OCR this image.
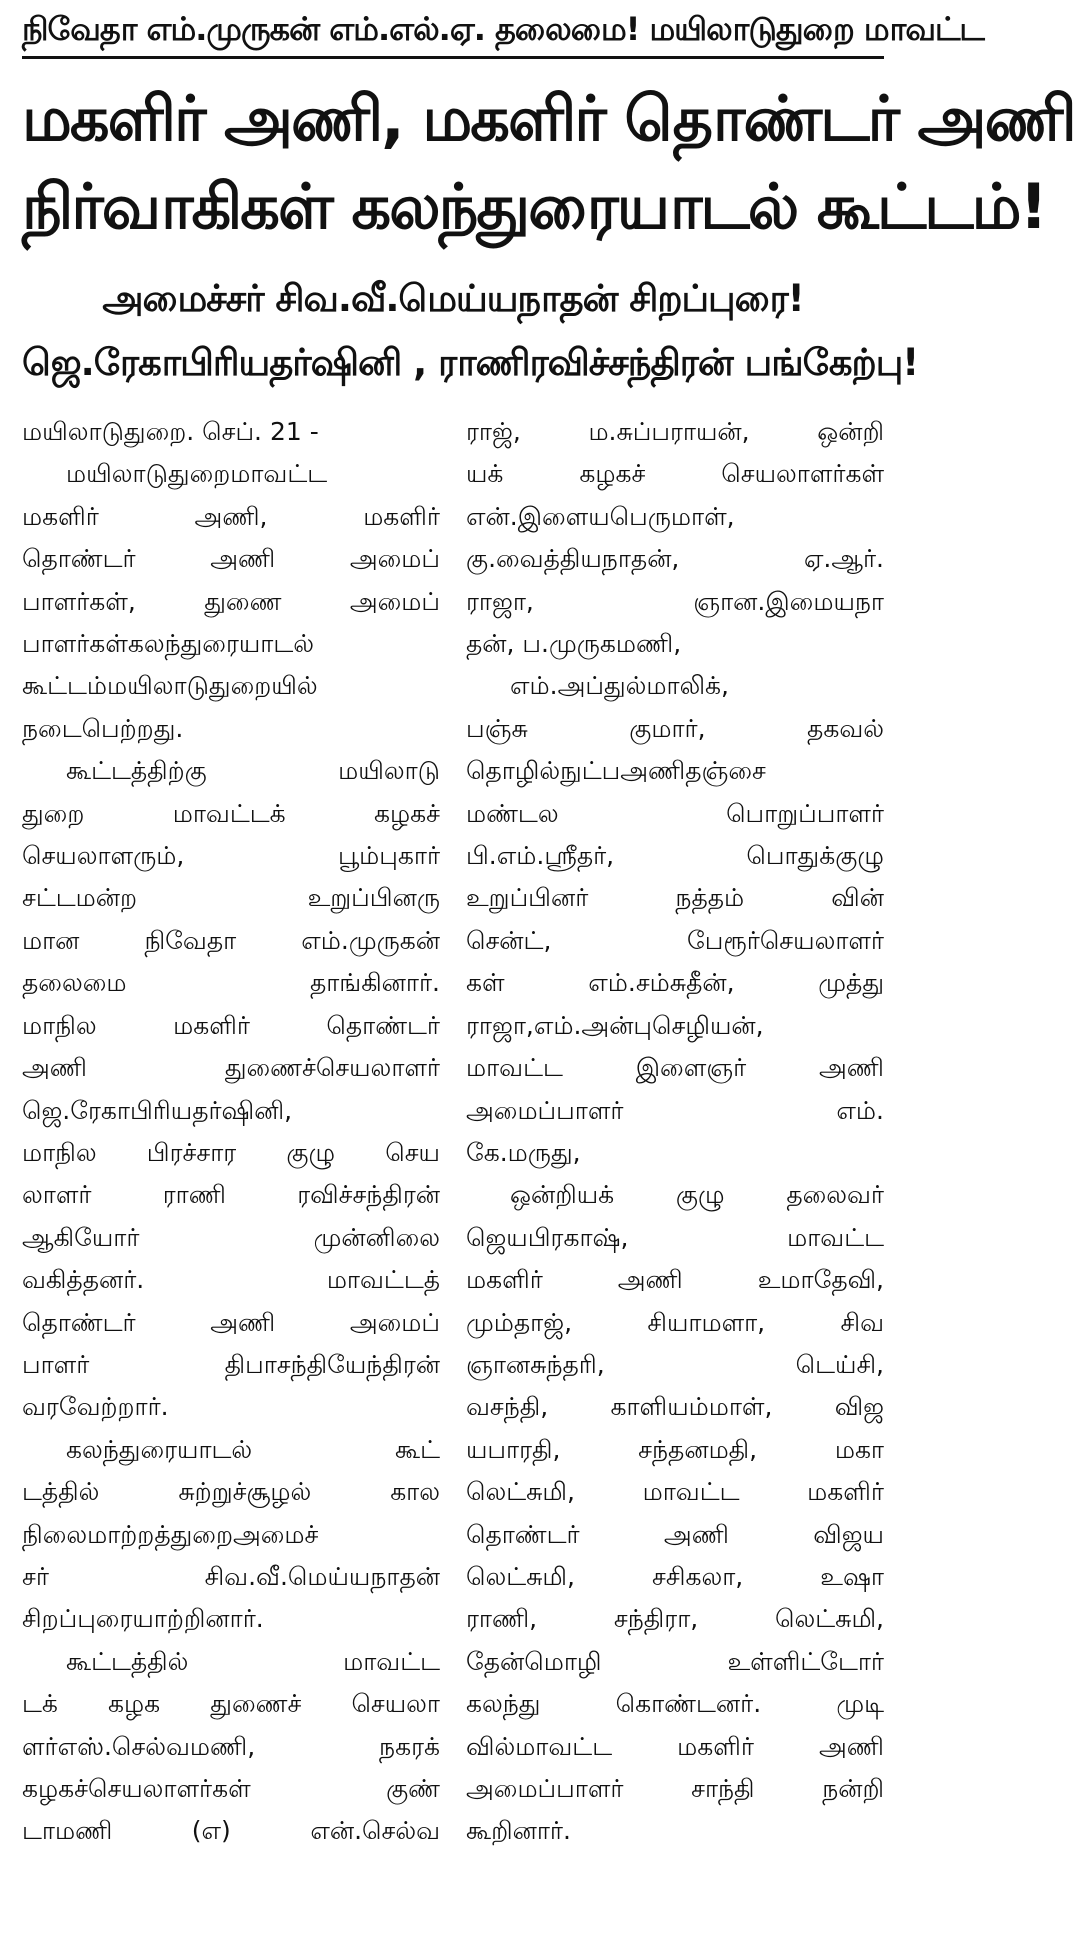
நிவேதா எம்.முருகன் எம்.எல்.ஏ. தலைமை! மயிலாடுதுறை மாவட்ட
மகளிர் அணி, மகளிர் தொண்டர் அணி
நிர்வாகிகள் கலந்துரையாடல் கூட்டம்!
அமைச்சர் சிவ.வீ.மெய்யநாதன் சிறப்புரை!
ஜெ.ரேகாபிரியதர்ஷினி , ராணிரவிச்சந்திரன் பங்கேற்பு!
மயிலாடுதுறை. செப். 21 -
மயிலாடுதுறைமாவட்ட
மகளிர் அணி, மகளிர்
தொண்டர் அணி அமைப்
பாளர்கள், துணை அமைப்
பாளர்கள்கலந்துரையாடல்
கூட்டம்மயிலாடுதுறையில்
நடைபெற்றது.
கூட்டத்திற்கு மயிலாடு
துறை மாவட்டக் கழகச்
செயலாளரும், பூம்புகார்
சட்டமன்ற உறுப்பினரு
மான நிவேதா எம்.முருகன்
தலைமை தாங்கினார்.
மாநில மகளிர் தொண்டர்
அணி துணைச்செயலாளர்
ஜெ.ரேகாபிரியதர்ஷினி,
மாநில பிரச்சார குழு செய
லாளர் ராணி ரவிச்சந்திரன்
ஆகியோர் முன்னிலை
வகித்தனர். மாவட்டத்
தொண்டர் அணி அமைப்
பாளர் திபாசந்தியேந்திரன்
வரவேற்றார்.
கலந்துரையாடல் கூட்
டத்தில் சுற்றுச்சூழல் கால
நிலைமாற்றத்துறைஅமைச்
சர் சிவ.வீ.மெய்யநாதன்
சிறப்புரையாற்றினார்.
கூட்டத்தில் மாவட்ட
டக் கழக துணைச் செயலா
ளர்எஸ்.செல்வமணி, நகரக்
கழகச்செயலாளர்கள் குண்
டாமணி (எ) என்.செல்வ
ராஜ், ம.சுப்பராயன், ஒன்றி
யக் கழகச் செயலாளர்கள்
என்.இளையபெருமாள்,
கு.வைத்தியநாதன், ஏ.ஆர்.
ராஜா, ஞான.இமையநா
தன், ப.முருகமணி,
எம்.அப்துல்மாலிக்,
பஞ்சு குமார், தகவல்
தொழில்நுட்பஅணிதஞ்சை
மண்டல பொறுப்பாளர்
பி.எம்.ஸ்ரீதர், பொதுக்குழு
உறுப்பினர் நத்தம் வின்
சென்ட், பேரூர்செயலாளர்
கள் எம்.சம்சுதீன், முத்து
ராஜா,எம்.அன்புசெழியன்,
மாவட்ட இளைஞர் அணி
அமைப்பாளர் எம்.
கே.மருது,
ஒன்றியக் குழு தலைவர்
ஜெயபிரகாஷ், மாவட்ட
மகளிர் அணி உமாதேவி,
மும்தாஜ், சியாமளா, சிவ
ஞானசுந்தரி, டெய்சி,
வசந்தி, காளியம்மாள், விஜ
யபாரதி, சந்தனமதி, மகா
லெட்சுமி, மாவட்ட மகளிர்
தொண்டர் அணி விஜய
லெட்சுமி, சசிகலா, உஷா
ராணி, சந்திரா, லெட்சுமி,
தேன்மொழி உள்ளிட்டோர்
கலந்து கொண்டனர். முடி
வில்மாவட்ட மகளிர் அணி
அமைப்பாளர் சாந்தி நன்றி
கூறினார்.
